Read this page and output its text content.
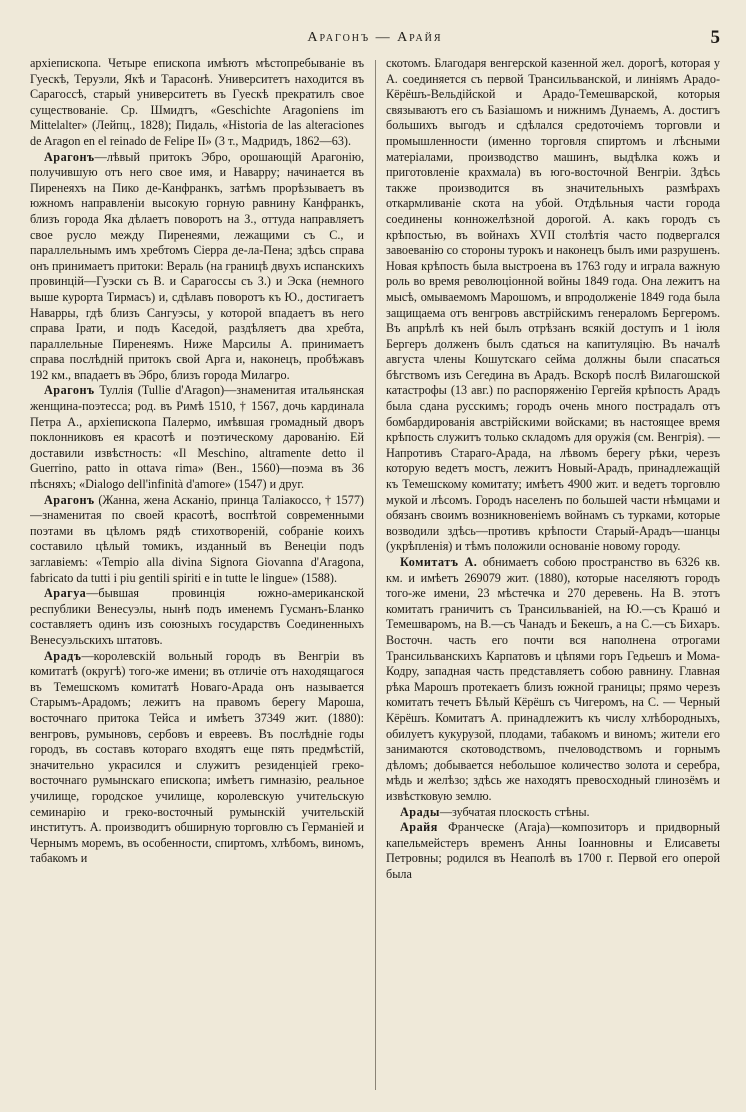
Арагонъ — Арайя	5

архіепископа. Четыре епископа имѣютъ мѣстопребываніе въ Гуескѣ, Теруэли, Якѣ и Тарасонѣ. Университетъ находится въ Сарагоссѣ, старый университетъ въ Гуескѣ прекратилъ свое существованіе. Ср. Шмидтъ, «Geschichte Aragoniens im Mittelalter» (Лейпц., 1828); Пидаль, «Historia de las alteraciones de Aragon en el reinado de Felipe II» (3 т., Мадридъ, 1862—63).

Арагонъ—лѣвый притокъ Эбро, орошающій Арагонію, получившую отъ него свое имя, и Наварру; начинается въ Пиренеяхъ на Пико де-Канфранкъ, затѣмъ прорѣзываетъ въ южномъ направленіи высокую горную равнину Канфранкъ, близъ города Яка дѣлаетъ поворотъ на З., оттуда направляетъ свое русло между Пиренеями, лежащими съ С., и параллельнымъ имъ хребтомъ Сіерра де-ла-Пена; здѣсь справа онъ принимаетъ притоки: Вераль (на границѣ двухъ испанскихъ провинцій—Гуэски съ В. и Сарагоссы съ З.) и Эска (немного выше курорта Тирмасъ) и, сдѣлавъ поворотъ къ Ю., достигаетъ Наварры, гдѣ близъ Сангуэсы, у которой впадаетъ въ него справа Ірати, и подъ Каседой, раздѣляетъ два хребта, параллельные Пиренеямъ. Ниже Марсилы А. принимаетъ справа послѣдній притокъ свой Арга и, наконецъ, пробѣжавъ 192 км., впадаетъ въ Эбро, близъ города Милагро.

Арагонъ Туллія (Tullie d'Aragon)—знаменитая итальянская женщина-поэтесса; род. въ Римѣ 1510, † 1567, дочь кардинала Петра А., архіепископа Палермо, имѣвшая громадный дворъ поклонниковъ ея красотѣ и поэтическому дарованію. Ей доставили извѣстность: «Il Meschino, altramente detto il Guerrino, patto in ottava rima» (Вен., 1560)—поэма въ 36 пѣсняхъ; «Dialogo dell'infinità d'amore» (1547) и друг.

Арагонъ (Жанна, жена Асканіо, принца Таліакоссо, † 1577)—знаменитая по своей красотѣ, воспѣтой современными поэтами въ цѣломъ рядѣ стихотвореній, собраніе коихъ составило цѣлый томикъ, изданный въ Венеціи подъ заглавіемъ: «Tempio alla divina Signora Giovanna d'Aragona, fabricato da tutti i piu gentili spiriti e in tutte le lingue» (1588).

Арагуа—бывшая провинція южно-американской республики Венесуэлы, нынѣ подъ именемъ Гусманъ-Бланко составляетъ одинъ изъ союзныхъ государствъ Соединенныхъ Венесуэльскихъ штатовъ.

Арадъ—королевскій вольный городъ въ Венгріи въ комитатѣ (округѣ) того-же имени; въ отличіе отъ находящагося въ Темешскомъ комитатѣ Новаго-Арада онъ называется Старымъ-Арадомъ; лежитъ на правомъ берегу Мароша, восточнаго притока Тейса и имѣетъ 37349 жит. (1880): венгровъ, румыновъ, сербовъ и евреевъ. Въ послѣдніе годы городъ, въ составъ котораго входятъ еще пять предмѣстій, значительно украсился и служитъ резиденціей греко-восточнаго румынскаго епископа; имѣетъ гимназію, реальное училище, городское училище, королевскую учительскую семинарію и греко-восточный румынскій учительскій институтъ. А. производитъ обширную торговлю съ Германіей и Чернымъ моремъ, въ особенности, спиртомъ, хлѣбомъ, виномъ, табакомъ и

скотомъ. Благодаря венгерской казенной жел. дорогѣ, которая у А. соединяется съ первой Трансильванской, и линіямъ Арадо-Кёрёшъ-Вельдійской и Арадо-Темешварской, которыя связываютъ его съ Базіашомъ и нижнимъ Дунаемъ, А. достигъ большихъ выгодъ и сдѣлался средоточіемъ торговли и промышленности (именно торговля спиртомъ и лѣсными матеріалами, производство машинъ, выдѣлка кожъ и приготовленіе крахмала) въ юго-восточной Венгріи. Здѣсь также производится въ значительныхъ размѣрахъ откармливаніе скота на убой. Отдѣльныя части города соединены конножелѣзной дорогой. А. какъ городъ съ крѣпостью, въ войнахъ XVII столѣтія часто подвергался завоеванію со стороны турокъ и наконецъ былъ ими разрушенъ. Новая крѣпость была выстроена въ 1763 году и играла важную роль во время революціонной войны 1849 года. Она лежитъ на мысѣ, омываемомъ Марошомъ, и впродолженіе 1849 года была защищаема отъ венгровъ австрійскимъ генераломъ Бергеромъ. Въ апрѣлѣ къ ней былъ отрѣзанъ всякій доступъ и 1 іюля Бергеръ долженъ былъ сдаться на капитуляцію. Въ началѣ августа члены Кошутскаго сейма должны были спасаться бѣгствомъ изъ Сегедина въ Арадъ. Вскорѣ послѣ Вилагошской катастрофы (13 авг.) по распоряженію Гергейя крѣпость Арадъ была сдана русскимъ; городъ очень много пострадалъ отъ бомбардированія австрійскими войсками; въ настоящее время крѣпость служитъ только складомъ для оружія (см. Венгрія). — Напротивъ Стараго-Арада, на лѣвомъ берегу рѣки, черезъ которую ведетъ мостъ, лежитъ Новый-Арадъ, принадлежащій къ Темешскому комитату; имѣетъ 4900 жит. и ведетъ торговлю мукой и лѣсомъ. Городъ населенъ по большей части нѣмцами и обязанъ своимъ возникновеніемъ войнамъ съ турками, которые возводили здѣсь—противъ крѣпости Старый-Арадъ—шанцы (укрѣпленія) и тѣмъ положили основаніе новому городу.

Комитатъ А. обнимаетъ собою пространство въ 6326 кв. км. и имѣетъ 269079 жит. (1880), которые населяютъ городъ того-же имени, 23 мѣстечка и 270 деревень. На В. этотъ комитатъ граничитъ съ Трансильваніей, на Ю.—съ Крашó и Темешваромъ, на В.—съ Чанадъ и Бекешъ, а на С.—съ Бихаръ. Восточн. часть его почти вся наполнена отрогами Трансильванскихъ Карпатовъ и цѣпями горъ Гедьешъ и Мома-Кодру, западная часть представляетъ собою равнину. Главная рѣка Марошъ протекаетъ близъ южной границы; прямо черезъ комитатъ течетъ Бѣлый Кёрёшъ съ Чигеромъ, на С. — Черный Кёрёшъ. Комитатъ А. принадлежитъ къ числу хлѣбородныхъ, обилуетъ кукурузой, плодами, табакомъ и виномъ; жители его занимаются скотоводствомъ, пчеловодствомъ и горнымъ дѣломъ; добывается небольшое количество золота и серебра, мѣдь и желѣзо; здѣсь же находятъ превосходный глинозёмъ и извѣстковую землю.

Арады—зубчатая плоскость стѣны.

Арайя Франческе (Araja)—композиторъ и придворный капельмейстеръ временъ Анны Іоанновны и Елисаветы Петровны; родился въ Неаполѣ въ 1700 г. Первой его оперой была
